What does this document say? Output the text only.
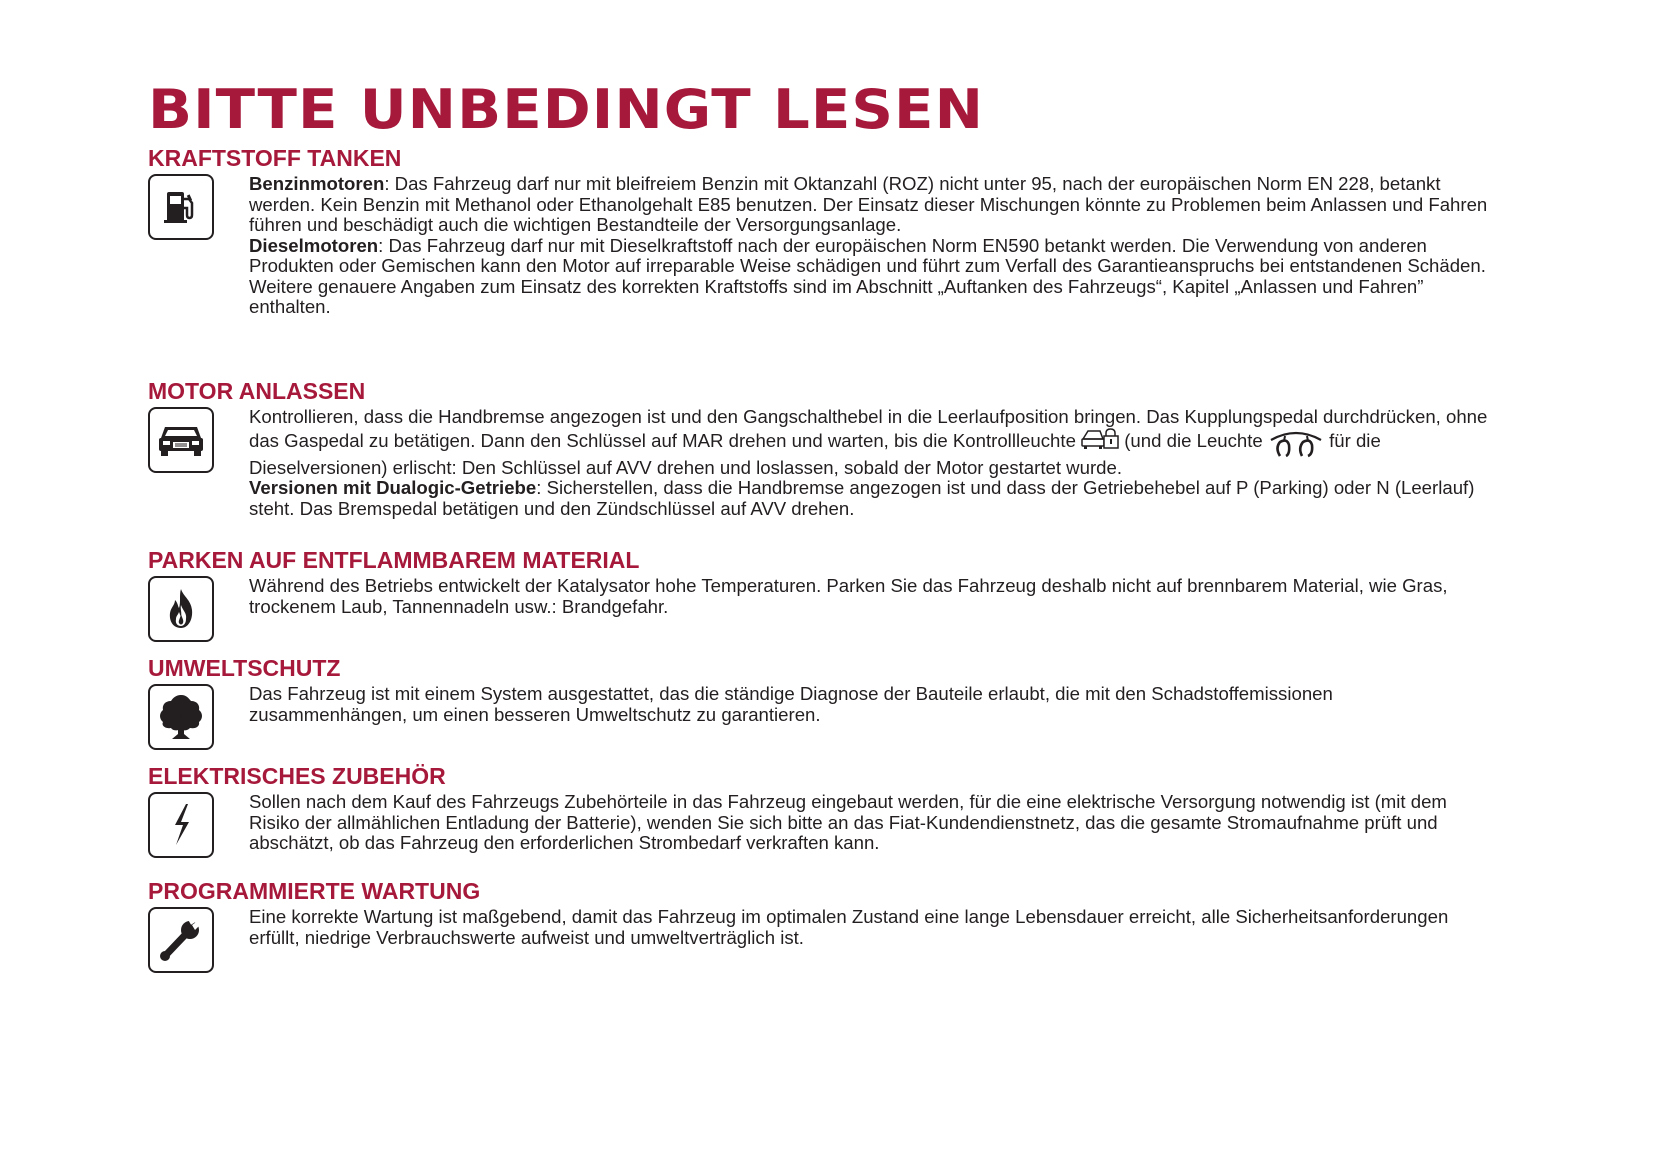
BITTE UNBEDINGT LESEN
KRAFTSTOFF TANKEN

Benzinmotoren: Das Fahrzeug darf nur mit bleifreiem Benzin mit Oktanzahl (ROZ) nicht unter 95, nach der europäischen Norm EN 228, betankt werden. Kein Benzin mit Methanol oder Ethanolgehalt E85 benutzen. Der Einsatz dieser Mischungen könnte zu Problemen beim Anlassen und Fahren führen und beschädigt auch die wichtigen Bestandteile der Versorgungsanlage.

Dieselmotoren: Das Fahrzeug darf nur mit Dieselkraftstoff nach der europäischen Norm EN590 betankt werden. Die Verwendung von anderen Produkten oder Gemischen kann den Motor auf irreparable Weise schädigen und führt zum Verfall des Garantieanspruchs bei entstandenen Schäden.

Weitere genauere Angaben zum Einsatz des korrekten Kraftstoffs sind im Abschnitt „Auftanken des Fahrzeugs“, Kapitel „Anlassen und Fahren” enthalten.

MOTOR ANLASSEN

Kontrollieren, dass die Handbremse angezogen ist und den Gangschalthebel in die Leerlaufposition bringen. Das Kupplungspedal durchdrücken, ohne das Gaspedal zu betätigen. Dann den Schlüssel auf MAR drehen und warten, bis die Kontrollleuchte  (und die Leuchte	für die Dieselversionen) erlischt: Den Schlüssel auf AVV drehen und loslassen, sobald der Motor gestartet wurde.

Versionen mit Dualogic-Getriebe: Sicherstellen, dass die Handbremse angezogen ist und dass der Getriebehebel auf P (Parking) oder N (Leerlauf) steht. Das Bremspedal betätigen und den Zündschlüssel auf AVV drehen.

PARKEN AUF ENTFLAMMBAREM MATERIAL

Während des Betriebs entwickelt der Katalysator hohe Temperaturen. Parken Sie das Fahrzeug deshalb nicht auf brennbarem Material, wie Gras, trockenem Laub, Tannennadeln usw.: Brandgefahr.

UMWELTSCHUTZ

Das Fahrzeug ist mit einem System ausgestattet, das die ständige Diagnose der Bauteile erlaubt, die mit den Schadstoffemissionen zusammenhängen, um einen besseren Umweltschutz zu garantieren.

ELEKTRISCHES ZUBEHÖR

Sollen nach dem Kauf des Fahrzeugs Zubehörteile in das Fahrzeug eingebaut werden, für die eine elektrische Versorgung notwendig ist (mit dem Risiko der allmählichen Entladung der Batterie), wenden Sie sich bitte an das Fiat-Kundendienstnetz, das die gesamte Stromaufnahme prüft und abschätzt, ob das Fahrzeug den erforderlichen Strombedarf verkraften kann.

PROGRAMMIERTE WARTUNG

Eine korrekte Wartung ist maßgebend, damit das Fahrzeug im optimalen Zustand eine lange Lebensdauer erreicht, alle Sicherheitsanforderungen erfüllt, niedrige Verbrauchswerte aufweist und umweltverträglich ist.
